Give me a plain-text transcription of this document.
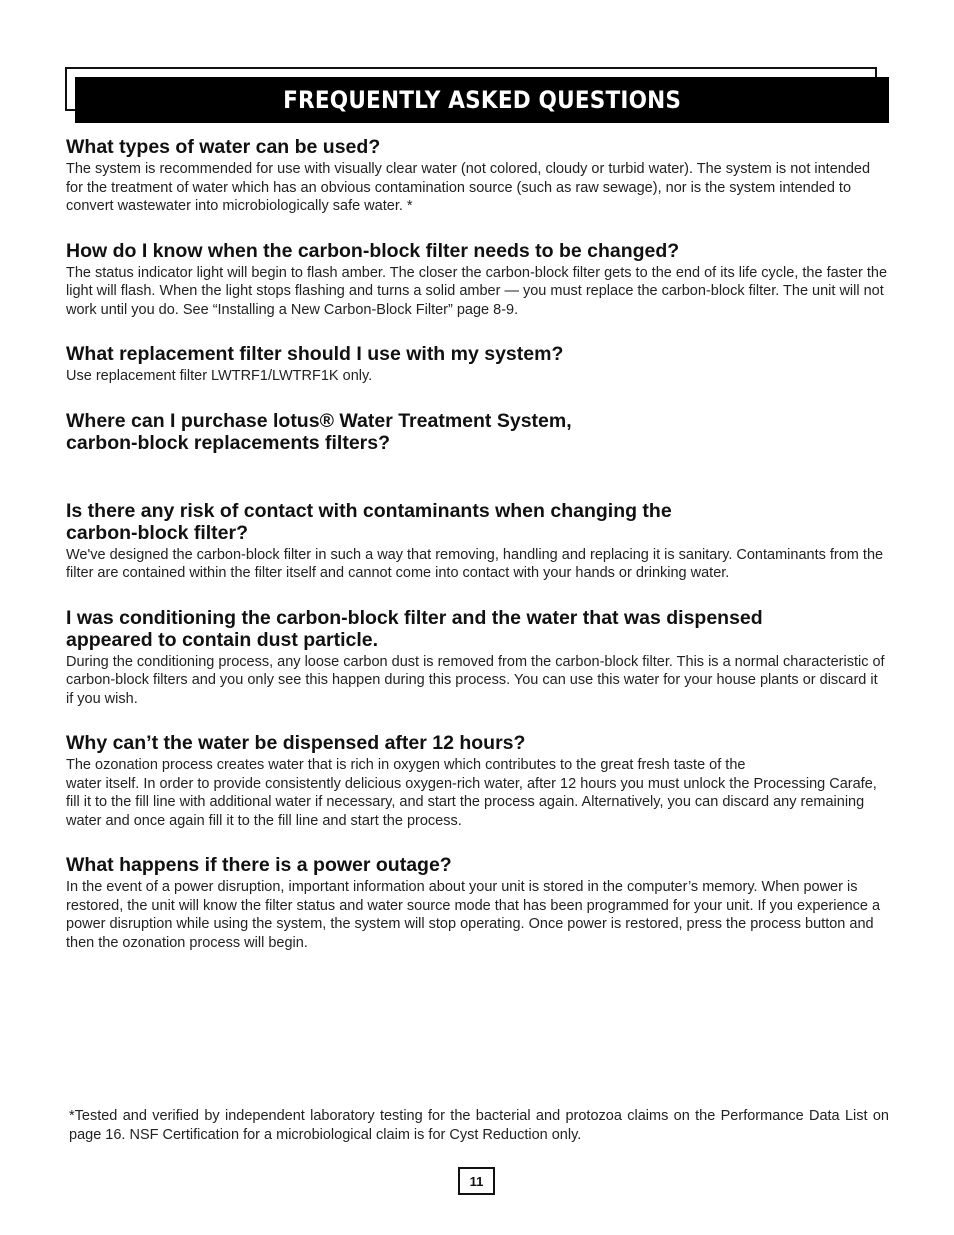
FREQUENTLY ASKED QUESTIONS
What types of water can be used?

The system is recommended for use with visually clear water (not colored, cloudy or turbid water). The system is not intended for the treatment of water which has an obvious contamination source (such as raw sewage), nor is the system intended to convert wastewater into microbiologically safe water. *

How do I know when the carbon-block filter needs to be changed?

The status indicator light will begin to flash amber. The closer the carbon-block filter gets to the end of its life cycle, the faster the light will flash. When the light stops flashing and turns a solid amber — you must replace the carbon-block filter. The unit will not work until you do. See “Installing a New Carbon-Block Filter” page 8-9.

What replacement filter should I use with my system?

Use replacement filter LWTRF1/LWTRF1K only.

Where can I purchase lotus® Water Treatment System,
carbon-block replacements filters?
Is there any risk of contact with contaminants when changing the
carbon-block filter?

We've designed the carbon-block filter in such a way that removing, handling and replacing it is sanitary. Contaminants from the filter are contained within the filter itself and cannot come into contact with your hands or drinking water.

I was conditioning the carbon-block filter and the water that was dispensed
appeared to contain dust particle.

During the conditioning process, any loose carbon dust is removed from the carbon-block filter. This is a normal characteristic of carbon-block filters and you only see this happen during this process. You can use this water for your house plants or discard it if you wish.

Why can’t the water be dispensed after 12 hours?

The ozonation process creates water that is rich in oxygen which contributes to the great fresh taste of the
water itself. In order to provide consistently delicious oxygen-rich water, after 12 hours you must unlock the Processing Carafe, fill it to the fill line with additional water if necessary, and start the process again. Alternatively, you can discard any remaining water and once again fill it to the fill line and start the process.

What happens if there is a power outage?

In the event of a power disruption, important information about your unit is stored in the computer’s memory. When power is restored, the unit will know the filter status and water source mode that has been programmed for your unit. If you experience a power disruption while using the system, the system will stop operating. Once power is restored, press the process button and then the ozonation process will begin.

*Tested and verified by independent laboratory testing for the bacterial and protozoa claims on the Performance Data List on page 16. NSF Certification for a microbiological claim is for Cyst Reduction only.

11
